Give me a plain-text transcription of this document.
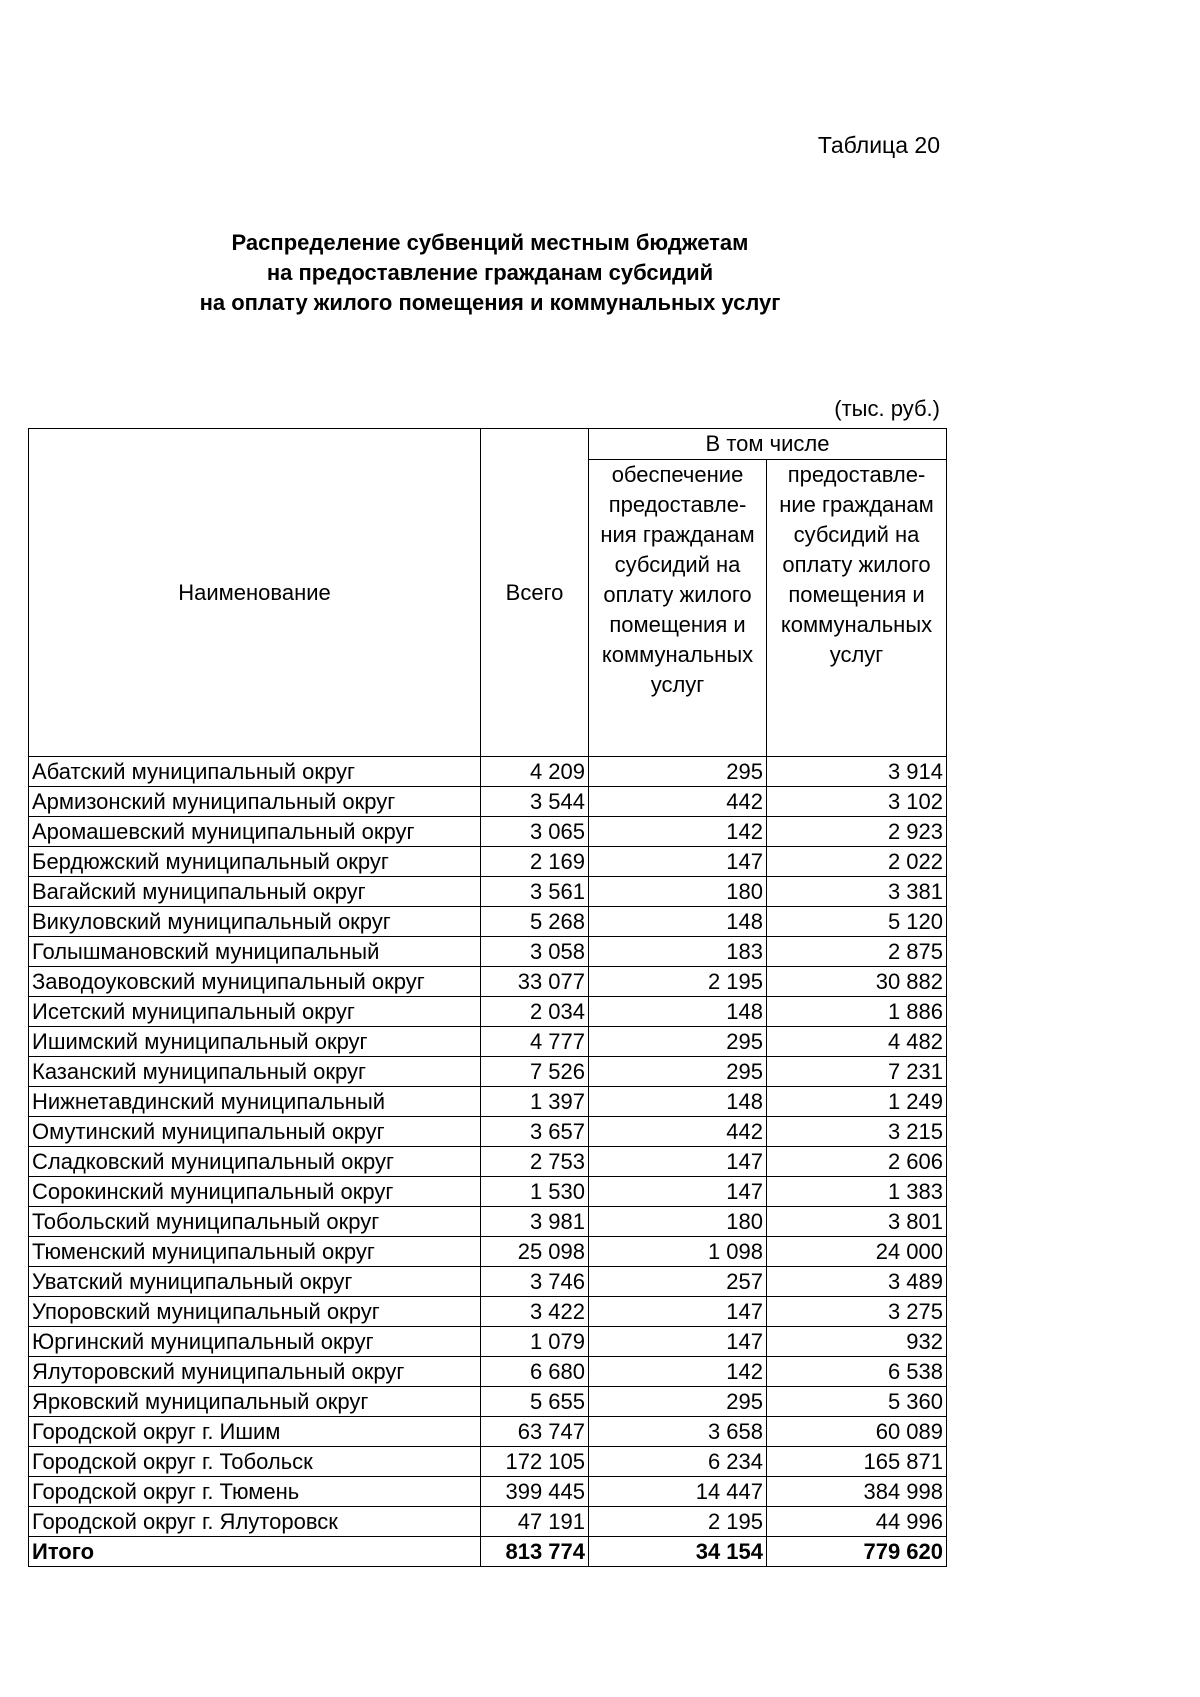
Таблица 20
Распределение субвенций местным бюджетам
на предоставление гражданам субсидий
на оплату жилого помещения и коммунальных услуг
(тыс. руб.)
Наименование	Всего	В том числе	
		обеспечение предоставле-ния гражданам субсидий на оплату жилого помещения и коммунальных услуг	предоставле-ние гражданам субсидий на оплату жилого помещения и коммунальных услуг
Абатский муниципальный округ	4 209	295	3 914
Армизонский муниципальный округ	3 544	442	3 102
Аромашевский муниципальный округ	3 065	142	2 923
Бердюжский муниципальный округ	2 169	147	2 022
Вагайский муниципальный округ	3 561	180	3 381
Викуловский муниципальный округ	5 268	148	5 120
Голышмановский муниципальный	3 058	183	2 875
Заводоуковский муниципальный округ	33 077	2 195	30 882
Исетский муниципальный округ	2 034	148	1 886
Ишимский муниципальный округ	4 777	295	4 482
Казанский муниципальный округ	7 526	295	7 231
Нижнетавдинский муниципальный	1 397	148	1 249
Омутинский муниципальный округ	3 657	442	3 215
Сладковский муниципальный округ	2 753	147	2 606
Сорокинский муниципальный округ	1 530	147	1 383
Тобольский муниципальный округ	3 981	180	3 801
Тюменский муниципальный округ	25 098	1 098	24 000
Уватский муниципальный округ	3 746	257	3 489
Упоровский муниципальный округ	3 422	147	3 275
Юргинский муниципальный округ	1 079	147	932
Ялуторовский муниципальный округ	6 680	142	6 538
Ярковский муниципальный округ	5 655	295	5 360
Городской округ г. Ишим	63 747	3 658	60 089
Городской округ г. Тобольск	172 105	6 234	165 871
Городской округ г. Тюмень	399 445	14 447	384 998
Городской округ г. Ялуторовск	47 191	2 195	44 996
Итого	813 774	34 154	779 620
